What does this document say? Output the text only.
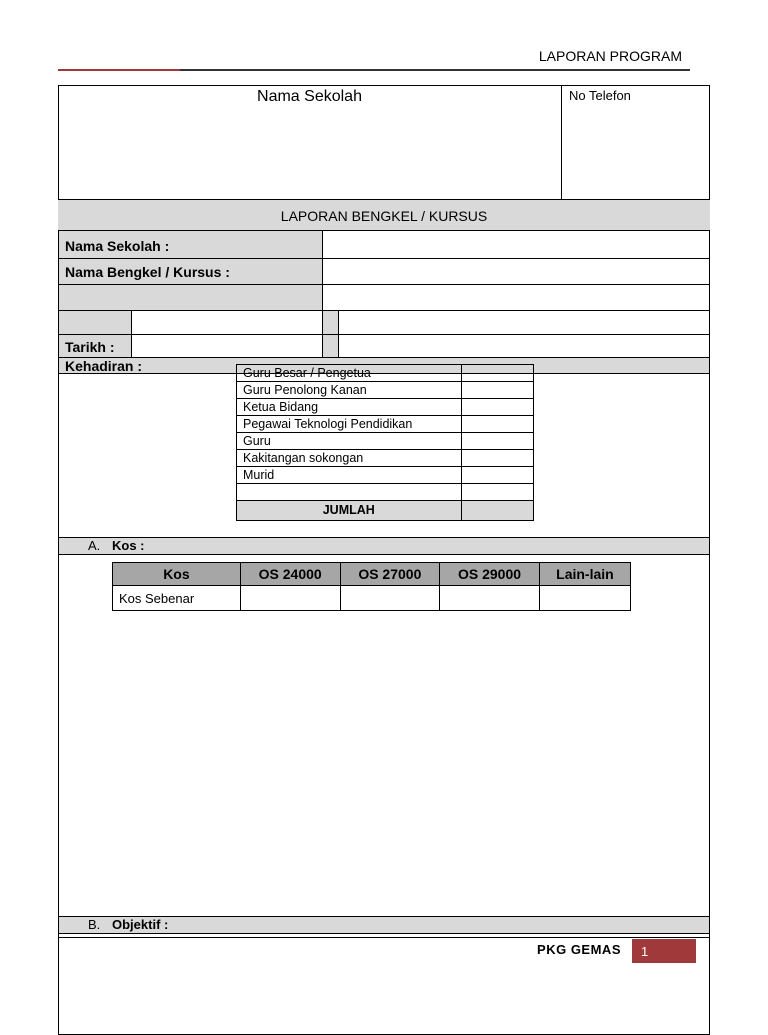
LAPORAN PROGRAM
Nama Sekolah	No Telefon
LAPORAN BENGKEL / KURSUS
Nama Sekolah :
Nama Bengkel / Kursus :
Tarikh :
Kehadiran :	Guru Besar / Pengetua	
Guru Penolong Kanan	
Ketua Bidang	
Pegawai Teknologi Pendidikan	
Guru	
Kakitangan sokongan	
Murid	

JUMLAH	
A. Kos :
Kos	OS 24000	OS 27000	OS 29000	Lain-lain
Kos Sebenar				
B. Objektif :
PKG GEMAS	1
